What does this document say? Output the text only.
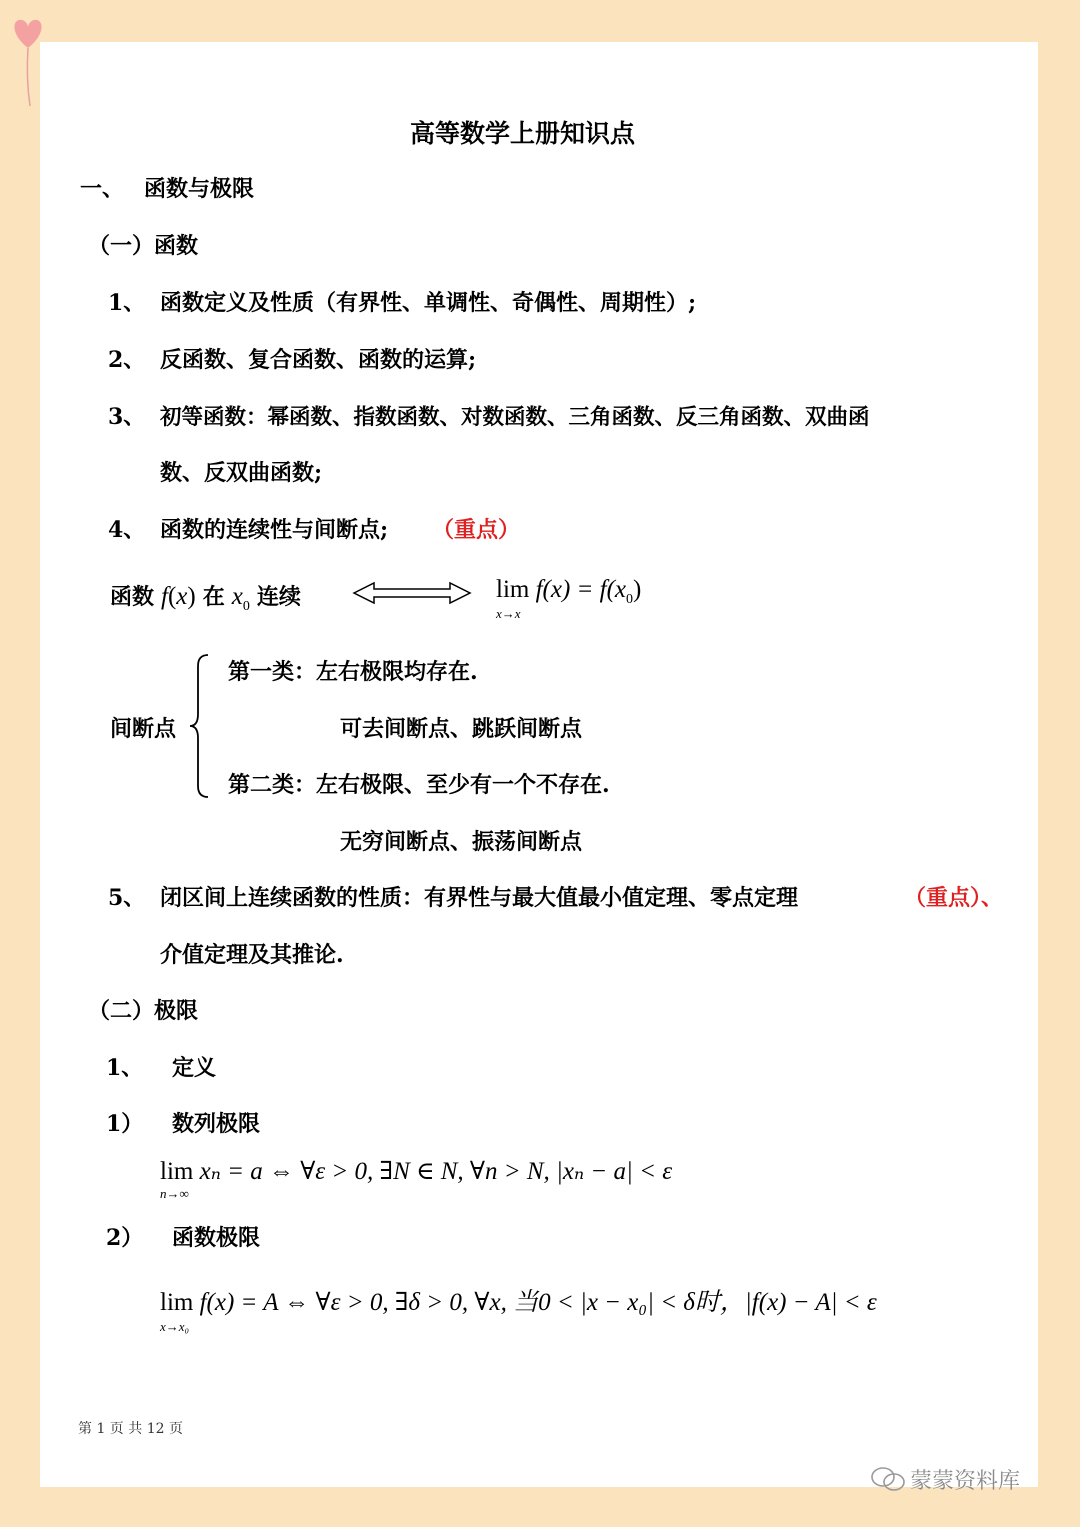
高等数学上册知识点
一、 函数与极限
（一）函数
1、 函数定义及性质（有界性、单调性、奇偶性、周期性）;
2、 反函数、复合函数、函数的运算;
3、 初等函数：幂函数、指数函数、对数函数、三角函数、反三角函数、双曲函
数、反双曲函数;
4、 函数的连续性与间断点; （重点）
函数 f(x) 在 $x_0$ 连续	lim
x→x
$f(x) = f(x_0)$
间断点
第一类：左右极限均存在.
可去间断点、跳跃间断点
第二类：左右极限、至少有一个不存在.
无穷间断点、振荡间断点
5、 闭区间上连续函数的性质：有界性与最大值最小值定理、零点定理	（重点）、
介值定理及其推论.
（二）极限
1、 定义
1） 数列极限
lim
n→∞
xₙ = a ⇔ ∀ε > 0, ∃N ∈ N, ∀n > N, |xₙ − a| < ε
2） 函数极限
lim
x→x₀
f(x) = A ⇔ ∀ε > 0, ∃δ > 0, ∀x, 当0 < |x − x₀| < δ时，|f(x) − A| < ε
第 1 页 共 12 页
蒙蒙资料库
